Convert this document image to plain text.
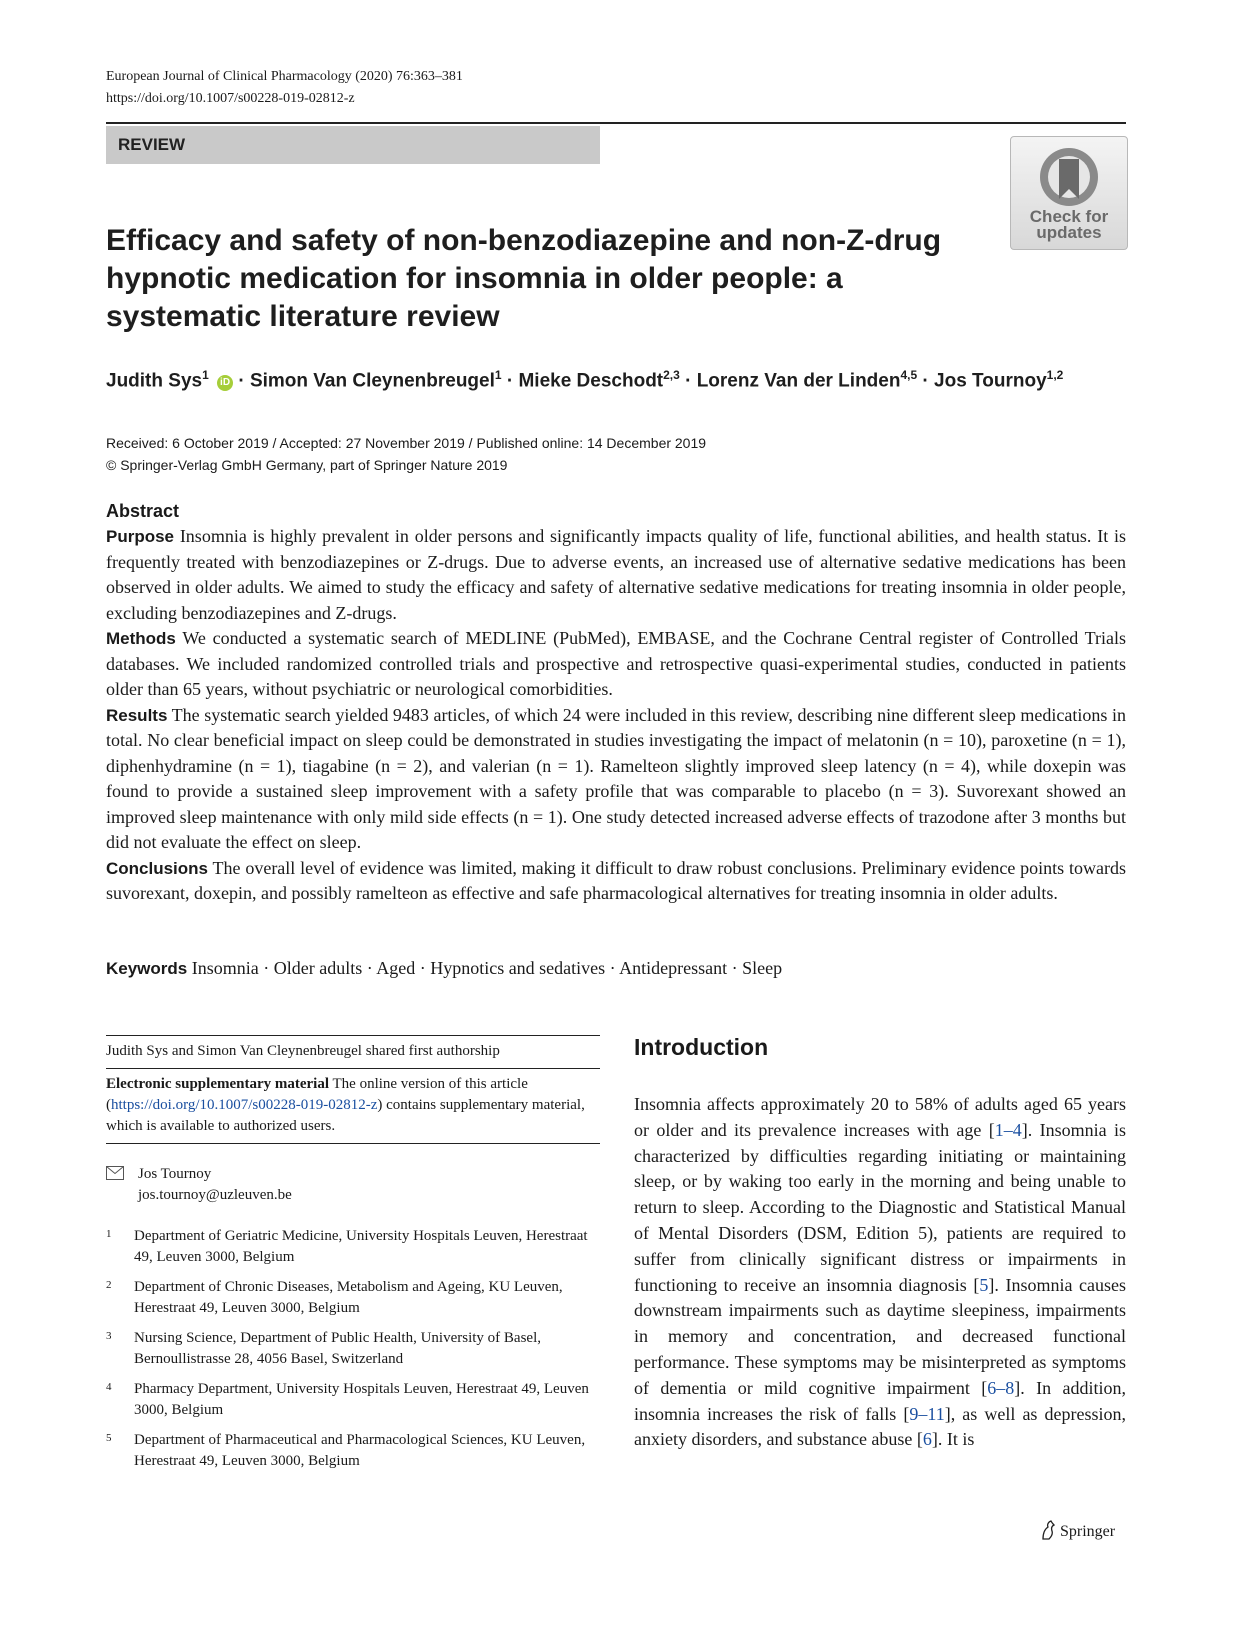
European Journal of Clinical Pharmacology (2020) 76:363–381
https://doi.org/10.1007/s00228-019-02812-z
REVIEW
Check for
updates
Efficacy and safety of non-benzodiazepine and non-Z-drug hypnotic medication for insomnia in older people: a systematic literature review
Judith Sys$^1$ iD · Simon Van Cleynenbreugel$^1$ · Mieke Deschodt$^{2,3}$ · Lorenz Van der Linden$^{4,5}$ · Jos Tournoy$^{1,2}$
Received: 6 October 2019 / Accepted: 27 November 2019 / Published online: 14 December 2019
© Springer-Verlag GmbH Germany, part of Springer Nature 2019
Abstract

Purpose Insomnia is highly prevalent in older persons and significantly impacts quality of life, functional abilities, and health status. It is frequently treated with benzodiazepines or Z-drugs. Due to adverse events, an increased use of alternative sedative medications has been observed in older adults. We aimed to study the efficacy and safety of alternative sedative medications for treating insomnia in older people, excluding benzodiazepines and Z-drugs.

Methods We conducted a systematic search of MEDLINE (PubMed), EMBASE, and the Cochrane Central register of Controlled Trials databases. We included randomized controlled trials and prospective and retrospective quasi-experimental studies, conducted in patients older than 65 years, without psychiatric or neurological comorbidities.

Results The systematic search yielded 9483 articles, of which 24 were included in this review, describing nine different sleep medications in total. No clear beneficial impact on sleep could be demonstrated in studies investigating the impact of melatonin (n = 10), paroxetine (n = 1), diphenhydramine (n = 1), tiagabine (n = 2), and valerian (n = 1). Ramelteon slightly improved sleep latency (n = 4), while doxepin was found to provide a sustained sleep improvement with a safety profile that was comparable to placebo (n = 3). Suvorexant showed an improved sleep maintenance with only mild side effects (n = 1). One study detected increased adverse effects of trazodone after 3 months but did not evaluate the effect on sleep.

Conclusions The overall level of evidence was limited, making it difficult to draw robust conclusions. Preliminary evidence points towards suvorexant, doxepin, and possibly ramelteon as effective and safe pharmacological alternatives for treating insomnia in older adults.

Keywords Insomnia · Older adults · Aged · Hypnotics and sedatives · Antidepressant · Sleep
Judith Sys and Simon Van Cleynenbreugel shared first authorship
Electronic supplementary material The online version of this article (https://doi.org/10.1007/s00228-019-02812-z) contains supplementary material, which is available to authorized users.
Jos Tournoy
jos.tournoy@uzleuven.be
1 Department of Geriatric Medicine, University Hospitals Leuven, Herestraat 49, Leuven 3000, Belgium
2 Department of Chronic Diseases, Metabolism and Ageing, KU Leuven, Herestraat 49, Leuven 3000, Belgium
3 Nursing Science, Department of Public Health, University of Basel, Bernoullistrasse 28, 4056 Basel, Switzerland
4 Pharmacy Department, University Hospitals Leuven, Herestraat 49, Leuven 3000, Belgium
5 Department of Pharmaceutical and Pharmacological Sciences, KU Leuven, Herestraat 49, Leuven 3000, Belgium
Introduction
Insomnia affects approximately 20 to 58% of adults aged 65 years or older and its prevalence increases with age [1–4]. Insomnia is characterized by difficulties regarding initiating or maintaining sleep, or by waking too early in the morning and being unable to return to sleep. According to the Diagnostic and Statistical Manual of Mental Disorders (DSM, Edition 5), patients are required to suffer from clinically significant distress or impairments in functioning to receive an insomnia diagnosis [5]. Insomnia causes downstream impairments such as daytime sleepiness, impairments in memory and concentration, and decreased functional performance. These symptoms may be misinterpreted as symptoms of dementia or mild cognitive impairment [6–8]. In addition, insomnia increases the risk of falls [9–11], as well as depression, anxiety disorders, and substance abuse [6]. It is
Springer
